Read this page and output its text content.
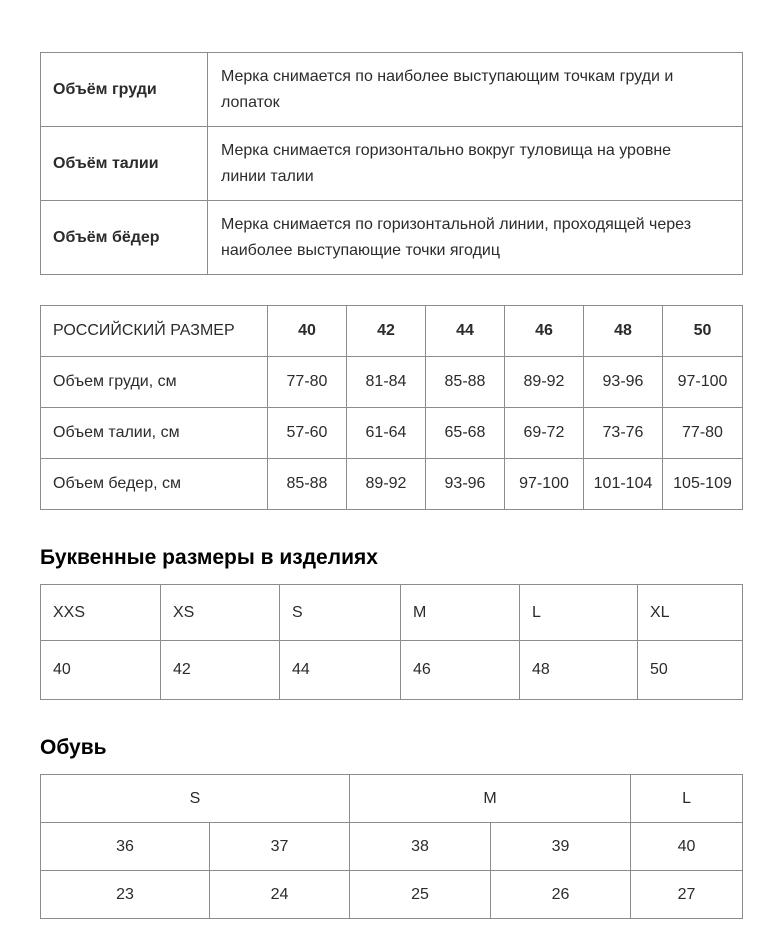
Объём груди	Мерка снимается по наиболее выступающим точкам груди и лопаток
Объём талии	Мерка снимается горизонтально вокруг туловища на уровне линии талии
Объём бёдер	Мерка снимается по горизонтальной линии, проходящей через наиболее выступающие точки ягодиц
РОССИЙСКИЙ РАЗМЕР	40	42	44	46	48	50
Объем груди, см	77-80	81-84	85-88	89-92	93-96	97-100
Объем талии, см	57-60	61-64	65-68	69-72	73-76	77-80
Объем бедер, см	85-88	89-92	93-96	97-100	101-104	105-109
Буквенные размеры в изделиях
XXS	XS	S	M	L	XL
40	42	44	46	48	50
Обувь
S		M		L
36	37	38	39	40
23	24	25	26	27
